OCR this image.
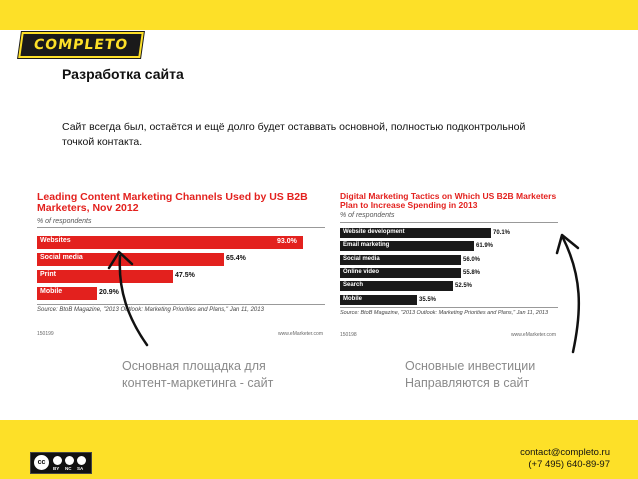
COMPLETO
Разработка сайта
Сайт всегда был, остаётся и ещё долго будет оставвать основной, полностью подконтрольной точкой контакта.
Leading Content Marketing Channels Used by US B2B Marketers, Nov 2012
% of respondents
Websites	93.0%
Social media	65.4%
Print	47.5%
Mobile	20.9%
Source: BtoB Magazine, "2013 Outlook: Marketing Priorities and Plans," Jan 11, 2013
150199	www.eMarketer.com
Digital Marketing Tactics on Which US B2B Marketers Plan to Increase Spending in 2013
% of respondents
Website development	70.1%
Email marketing	61.9%
Social media	56.0%
Online video	55.8%
Search	52.5%
Mobile	35.5%
Source: BtoB Magazine, "2013 Outlook: Marketing Priorities and Plans," Jan 11, 2013
150198	www.eMarketer.com
Основная площадка для
контент-маркетинга - сайт
Основные инвестиции
Направляются в сайт
cc
BY NC SA
contact@completo.ru
(+7 495) 640-89-97
